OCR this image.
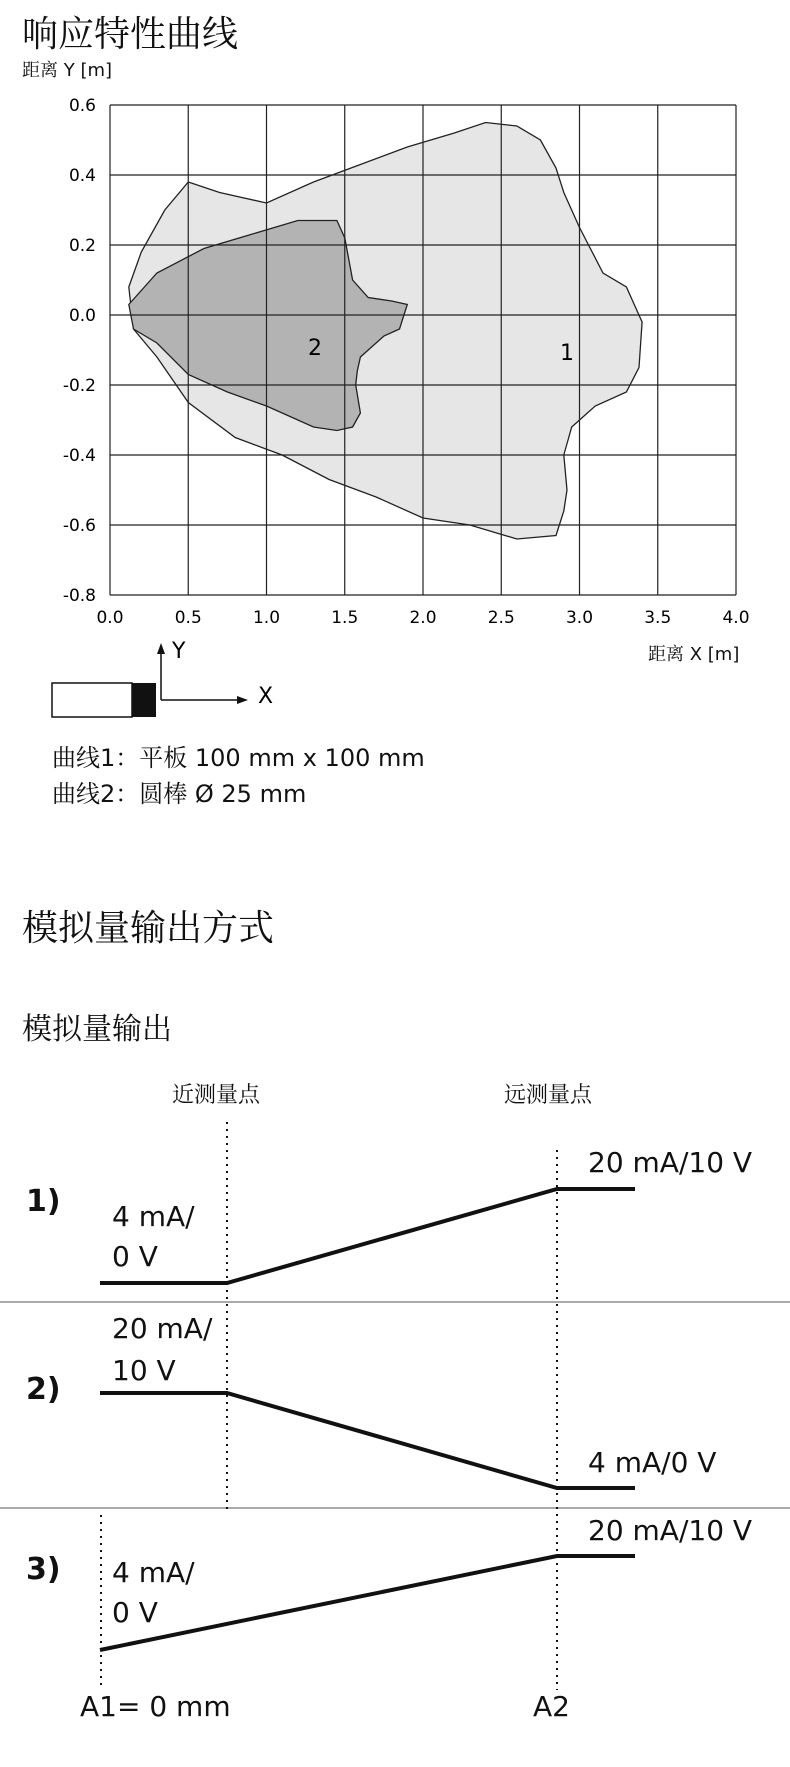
响应特性曲线
距离 Y [m]
0.6
0.4
0.2
0.0
-0.2
-0.4
-0.6
-0.8
0.0	0.5	1.0	1.5	2.0	2.5	3.0	3.5	4.0
1
2
Y
X
距离 X [m]
曲线1：平板 100 mm x 100 mm
曲线2：圆棒 Ø 25 mm
模拟量输出方式
模拟量输出
近测量点	远测量点
1) 4 mA/
0 V
20 mA/10 V
20 mA/
10 V
2)
4 mA/0 V
20 mA/10 V
3) 4 mA/
0 V
A1= 0 mm	A2
